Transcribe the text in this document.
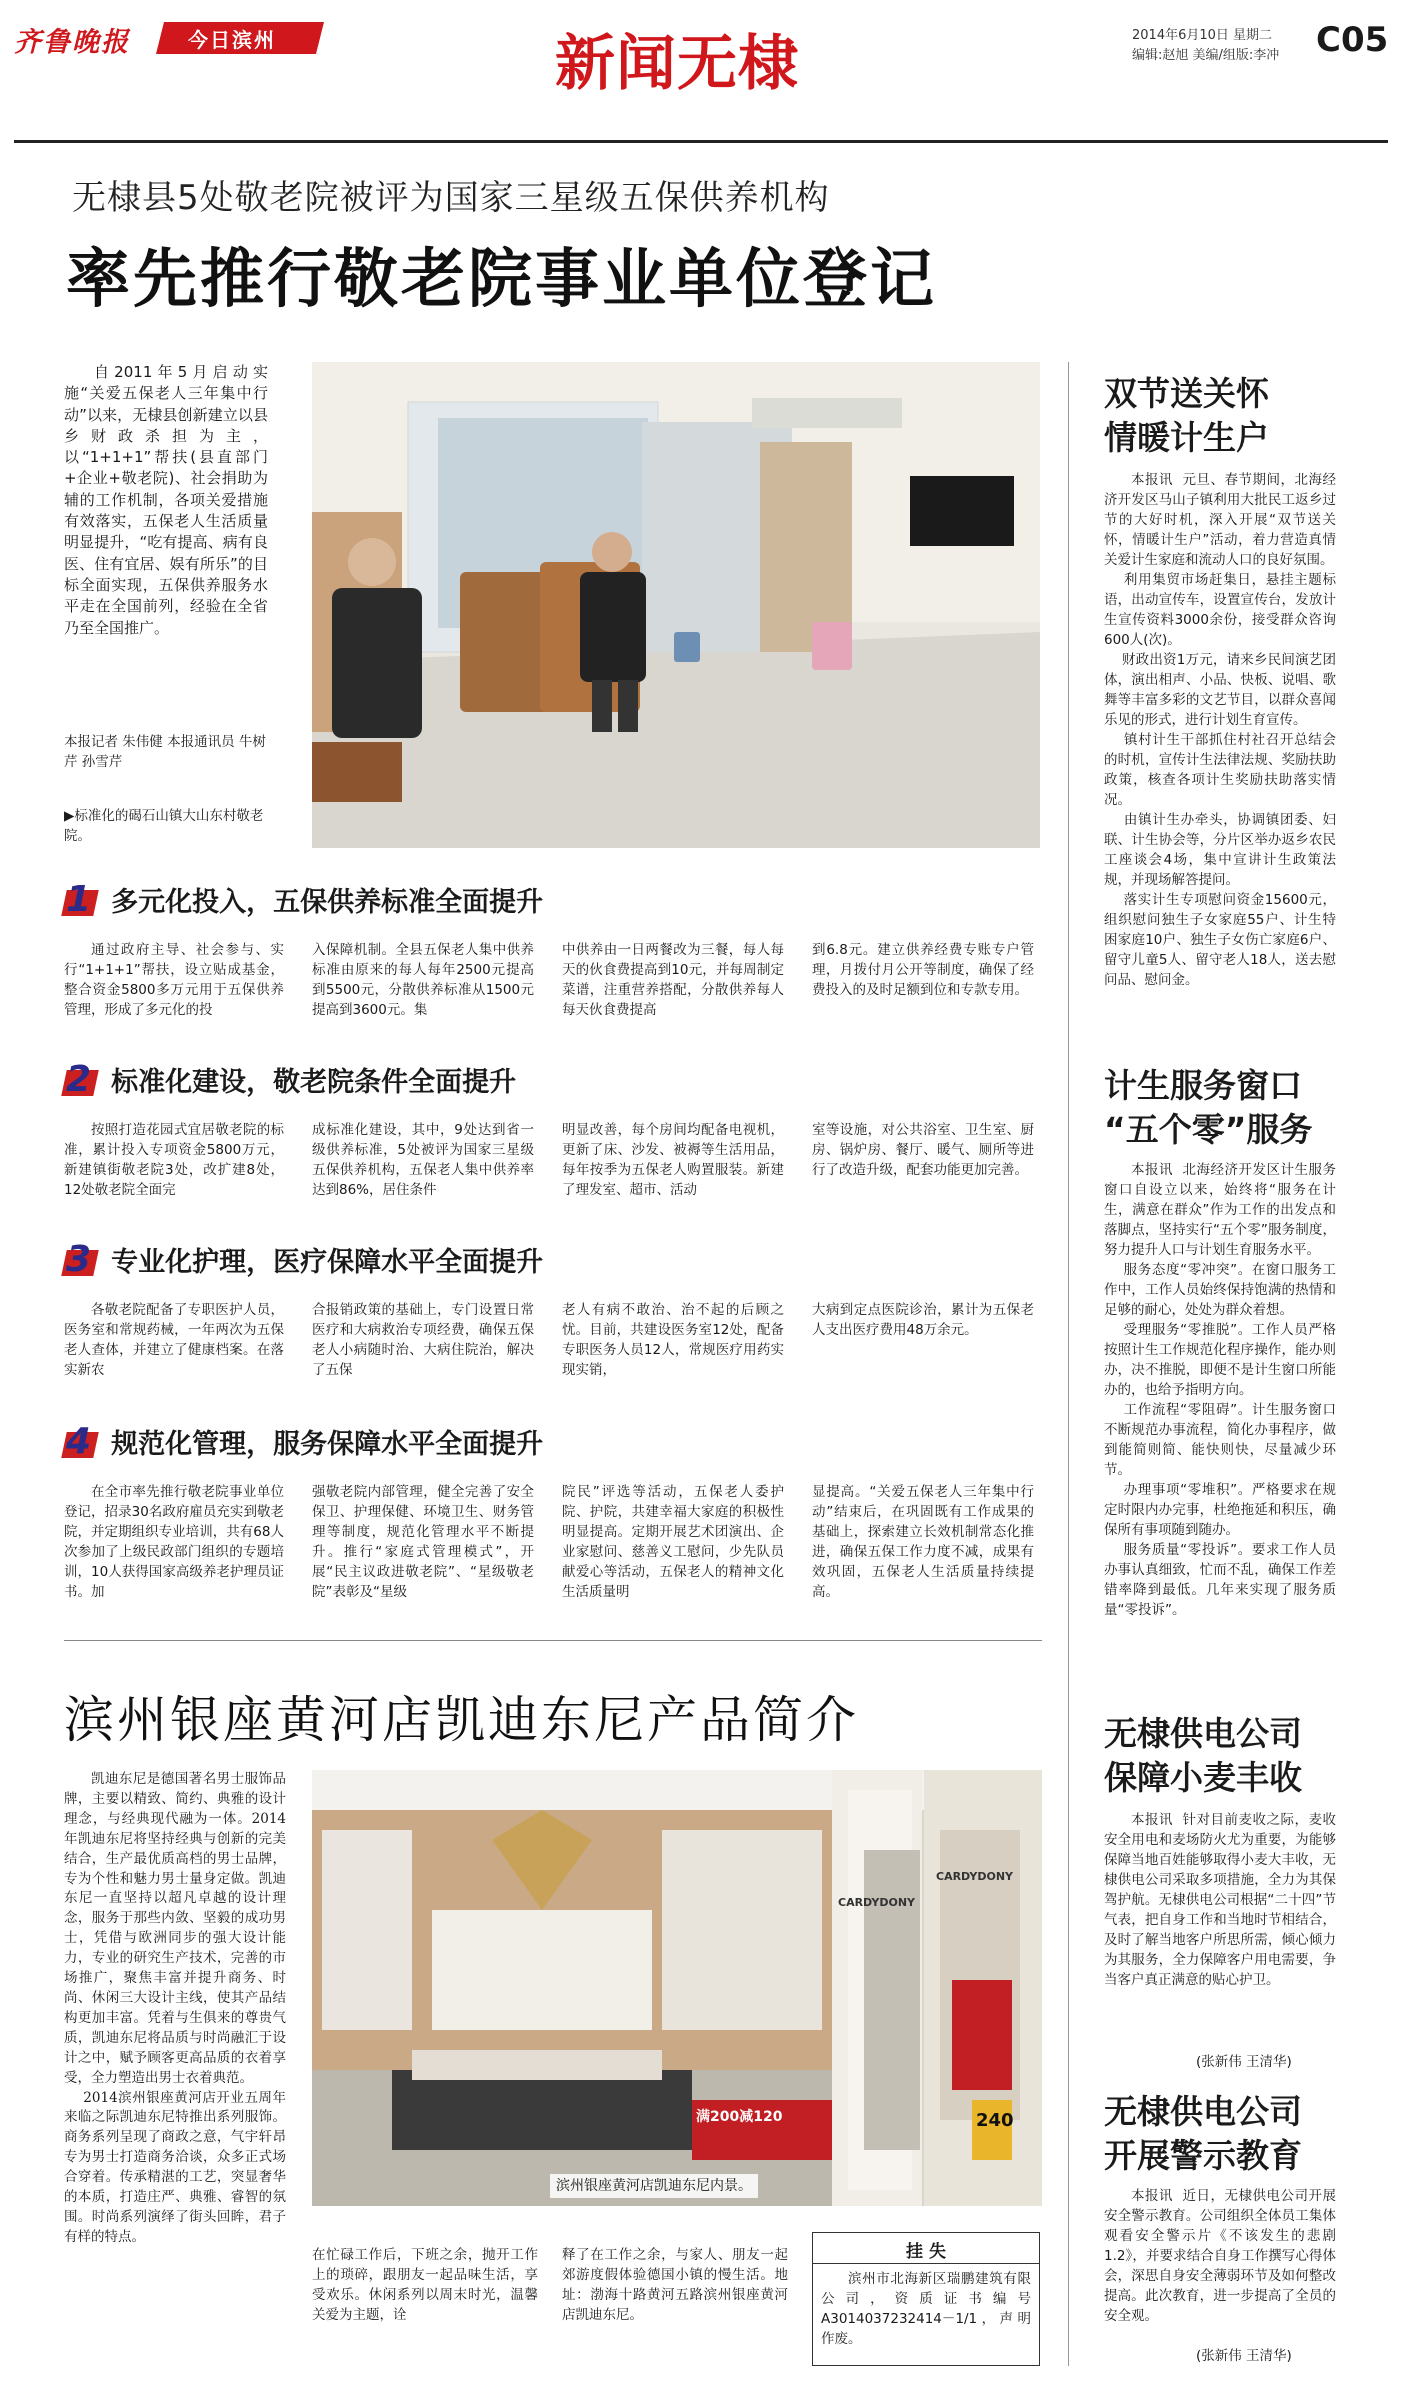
齐鲁晚报	今日滨州	新闻无棣	2014年6月10日 星期二
编辑:赵旭 美编/组版:李冲 C05
无棣县5处敬老院被评为国家三星级五保供养机构
率先推行敬老院事业单位登记
自2011年5月启动实施“关爱五保老人三年集中行动”以来，无棣县创新建立以县乡财政杀担为主，以“1+1+1”帮扶(县直部门+企业+敬老院)、社会捐助为辅的工作机制，各项关爱措施有效落实，五保老人生活质量明显提升，“吃有提高、病有良医、住有宜居、娱有所乐”的目标全面实现，五保供养服务水平走在全国前列，经验在全省乃至全国推广。
本报记者 朱伟健 本报通讯员 牛树芹 孙雪芹
▶标准化的碣石山镇大山东村敬老院。
1 多元化投入，五保供养标准全面提升
通过政府主导、社会参与、实行“1+1+1”帮扶，设立贴成基金，整合资金5800多万元用于五保供养管理，形成了多元化的投
入保障机制。全县五保老人集中供养标准由原来的每人每年2500元提高到5500元，分散供养标准从1500元提高到3600元。集
中供养由一日两餐改为三餐，每人每天的伙食费提高到10元，并每周制定菜谱，注重营养搭配，分散供养每人每天伙食费提高
到6.8元。建立供养经费专账专户管理，月拨付月公开等制度，确保了经费投入的及时足额到位和专款专用。
2 标准化建设，敬老院条件全面提升
按照打造花园式宜居敬老院的标准，累计投入专项资金5800万元，新建镇街敬老院3处，改扩建8处，12处敬老院全面完
成标准化建设，其中，9处达到省一级供养标准，5处被评为国家三星级五保供养机构，五保老人集中供养率达到86%，居住条件
明显改善，每个房间均配备电视机，更新了床、沙发、被褥等生活用品，每年按季为五保老人购置服装。新建了理发室、超市、活动
室等设施，对公共浴室、卫生室、厨房、锅炉房、餐厅、暖气、厕所等进行了改造升级，配套功能更加完善。
3 专业化护理，医疗保障水平全面提升
各敬老院配备了专职医护人员，医务室和常规药械，一年两次为五保老人查体，并建立了健康档案。在落实新农
合报销政策的基础上，专门设置日常医疗和大病救治专项经费，确保五保老人小病随时治、大病住院治，解决了五保
老人有病不敢治、治不起的后顾之忧。目前，共建设医务室12处，配备专职医务人员12人，常规医疗用药实现实销，
大病到定点医院诊治，累计为五保老人支出医疗费用48万余元。
4 规范化管理，服务保障水平全面提升
在全市率先推行敬老院事业单位登记，招录30名政府雇员充实到敬老院，并定期组织专业培训，共有68人次参加了上级民政部门组织的专题培训，10人获得国家高级养老护理员证书。加
强敬老院内部管理，健全完善了安全保卫、护理保健、环境卫生、财务管理等制度，规范化管理水平不断提升。推行“家庭式管理模式”，开展“民主议政进敬老院”、“星级敬老院”表彰及“星级
院民”评选等活动，五保老人委护院、护院，共建幸福大家庭的积极性明显提高。定期开展艺术团演出、企业家慰问、慈善义工慰问，少先队员献爱心等活动，五保老人的精神文化生活质量明
显提高。“关爱五保老人三年集中行动”结束后，在巩固既有工作成果的基础上，探索建立长效机制常态化推进，确保五保工作力度不减，成果有效巩固，五保老人生活质量持续提高。
滨州银座黄河店凯迪东尼产品简介
凯迪东尼是德国著名男士服饰品牌，主要以精致、简约、典雅的设计理念，与经典现代融为一体。2014年凯迪东尼将坚持经典与创新的完美结合，生产最优质高档的男士品牌，专为个性和魅力男士量身定做。凯迪东尼一直坚持以超凡卓越的设计理念，服务于那些内敛、坚毅的成功男士，凭借与欧洲同步的强大设计能力，专业的研究生产技术，完善的市场推广，聚焦丰富并提升商务、时尚、休闲三大设计主线，使其产品结构更加丰富。凭着与生俱来的尊贵气质，凯迪东尼将品质与时尚融汇于设计之中，赋予顾客更高品质的衣着享受，全力塑造出男士衣着典范。
2014滨州银座黄河店开业五周年来临之际凯迪东尼特推出系列服饰。商务系列呈现了商政之意，气宇轩昂专为男士打造商务洽谈，众多正式场合穿着。传承精湛的工艺，突显奢华的本质，打造庄严、典雅、睿智的氛围。时尚系列演绎了街头回眸，君子有样的特点。
CARDYDONY
CARDYDONY
满200减120	240
滨州银座黄河店凯迪东尼内景。
在忙碌工作后，下班之余，抛开工作上的琐碎，跟朋友一起品味生活，享受欢乐。休闲系列以周末时光，温馨关爱为主题，诠
释了在工作之余，与家人、朋友一起郊游度假体验德国小镇的慢生活。地址：渤海十路黄河五路滨州银座黄河店凯迪东尼。
挂 失
滨州市北海新区瑞鹏建筑有限公司，资质证书编号A3014037232414－1/1，声明作废。
双节送关怀
情暖计生户
本报讯  元旦、春节期间，北海经济开发区马山子镇利用大批民工返乡过节的大好时机，深入开展“双节送关怀，情暖计生户”活动，着力营造真情关爱计生家庭和流动人口的良好氛围。
利用集贸市场赶集日，悬挂主题标语，出动宣传车，设置宣传台，发放计生宣传资料3000余份，接受群众咨询600人(次)。
财政出资1万元，请来乡民间演艺团体，演出相声、小品、快板、说唱、歌舞等丰富多彩的文艺节目，以群众喜闻乐见的形式，进行计划生育宣传。
镇村计生干部抓住村社召开总结会的时机，宣传计生法律法规、奖励扶助政策，核查各项计生奖励扶助落实情况。
由镇计生办牵头，协调镇团委、妇联、计生协会等，分片区举办返乡农民工座谈会4场，集中宣讲计生政策法规，并现场解答提问。
落实计生专项慰问资金15600元，组织慰问独生子女家庭55户、计生特困家庭10户、独生子女伤亡家庭6户、留守儿童5人、留守老人18人，送去慰问品、慰问金。
计生服务窗口
“五个零”服务
本报讯  北海经济开发区计生服务窗口自设立以来，始终将“服务在计生，满意在群众”作为工作的出发点和落脚点，坚持实行“五个零”服务制度，努力提升人口与计划生育服务水平。
服务态度“零冲突”。在窗口服务工作中，工作人员始终保持饱满的热情和足够的耐心，处处为群众着想。
受理服务“零推脱”。工作人员严格按照计生工作规范化程序操作，能办则办，决不推脱，即便不是计生窗口所能办的，也给予指明方向。
工作流程“零阻碍”。计生服务窗口不断规范办事流程，简化办事程序，做到能简则简、能快则快，尽量减少环节。
办理事项“零堆积”。严格要求在规定时限内办完事，杜绝拖延和积压，确保所有事项随到随办。
服务质量“零投诉”。要求工作人员办事认真细致，忙而不乱，确保工作差错率降到最低。几年来实现了服务质量“零投诉”。
无棣供电公司
保障小麦丰收
本报讯  针对目前麦收之际，麦收安全用电和麦场防火尤为重要，为能够保障当地百姓能够取得小麦大丰收，无棣供电公司采取多项措施，全力为其保驾护航。无棣供电公司根据“二十四”节气表，把自身工作和当地时节相结合，及时了解当地客户所思所需，倾心倾力为其服务，全力保障客户用电需要，争当客户真正满意的贴心护卫。
(张新伟 王清华)
无棣供电公司
开展警示教育
本报讯  近日，无棣供电公司开展安全警示教育。公司组织全体员工集体观看安全警示片《不该发生的悲剧1.2》，并要求结合自身工作撰写心得体会，深思自身安全薄弱环节及如何整改提高。此次教育，进一步提高了全员的安全观。
(张新伟 王清华)
